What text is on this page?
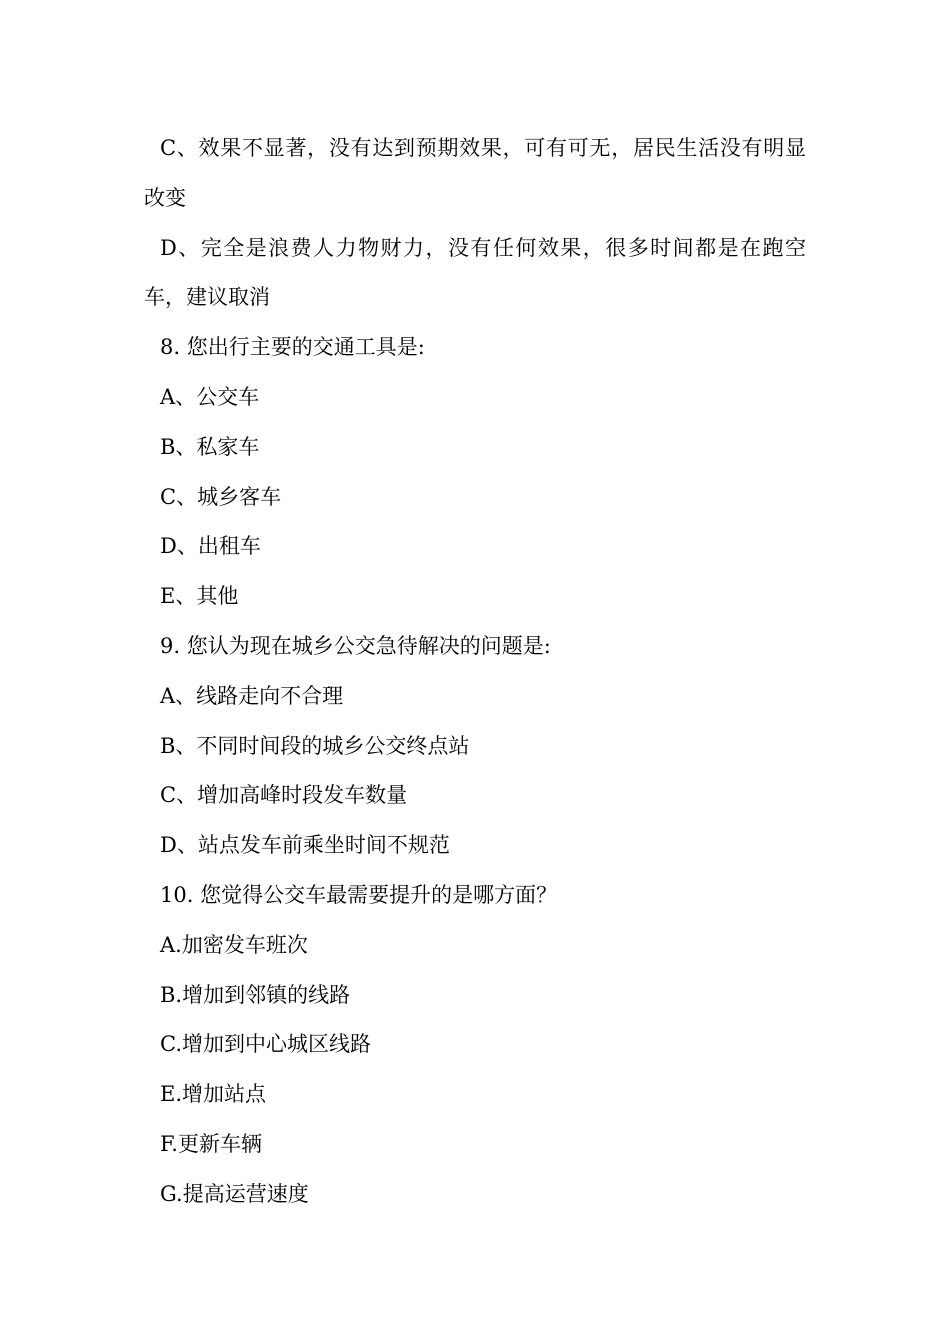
C、效果不显著，没有达到预期效果，可有可无，居民生活没有明显改变

D、完全是浪费人力物财力，没有任何效果，很多时间都是在跑空车，建议取消

8. 您出行主要的交通工具是:

A、公交车

B、私家车

C、城乡客车

D、出租车

E、其他

9. 您认为现在城乡公交急待解决的问题是:

A、线路走向不合理

B、不同时间段的城乡公交终点站

C、增加高峰时段发车数量

D、站点发车前乘坐时间不规范

10. 您觉得公交车最需要提升的是哪方面？

A.加密发车班次

B.增加到邻镇的线路

C.增加到中心城区线路

E.增加站点

F.更新车辆

G.提高运营速度
